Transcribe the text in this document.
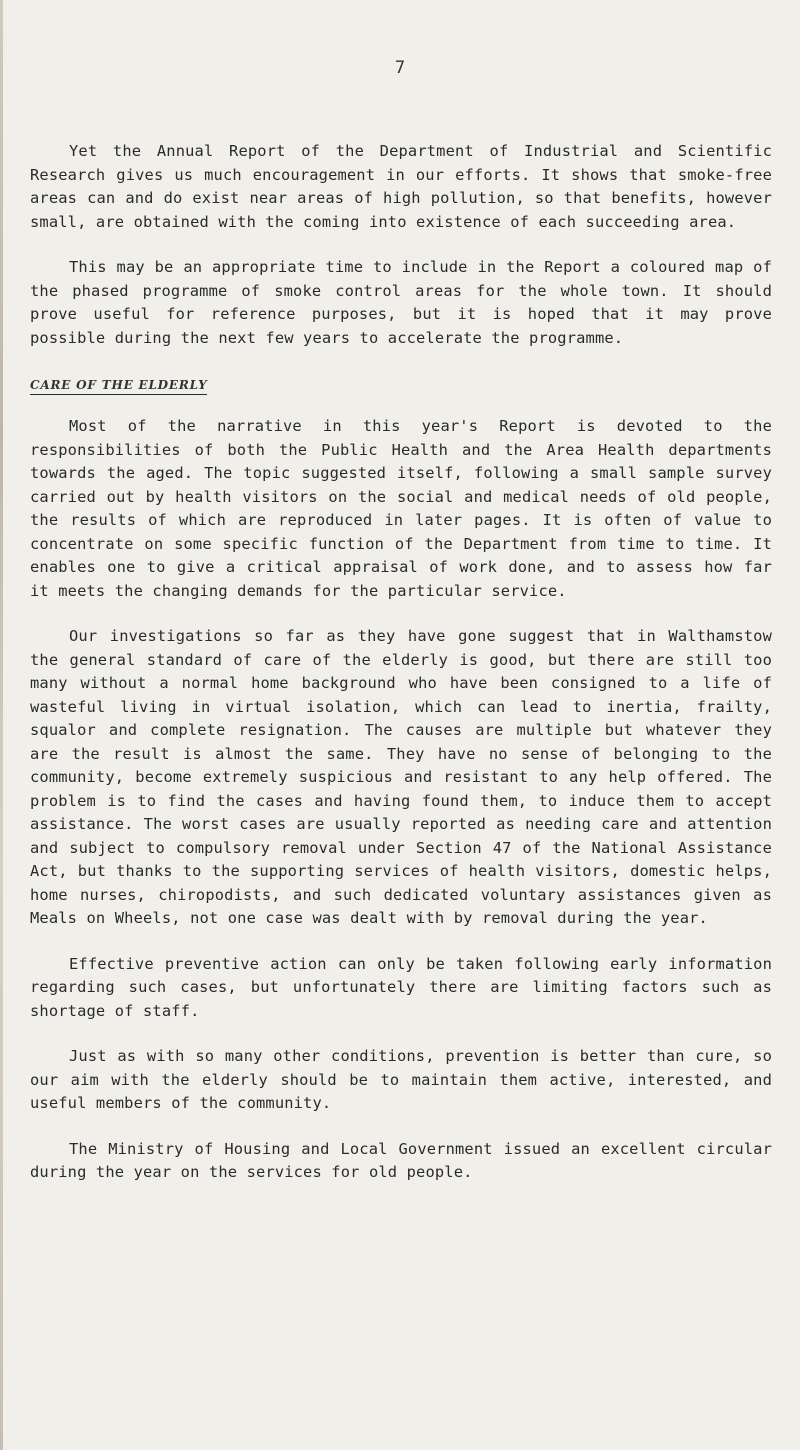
7

Yet the Annual Report of the Department of Industrial and Scientific Research gives us much encouragement in our efforts. It shows that smoke-free areas can and do exist near areas of high pollution, so that benefits, however small, are obtained with the coming into existence of each succeeding area.

This may be an appropriate time to include in the Report a coloured map of the phased programme of smoke control areas for the whole town. It should prove useful for reference purposes, but it is hoped that it may prove possible during the next few years to accelerate the programme.

CARE OF THE ELDERLY

Most of the narrative in this year's Report is devoted to the responsibilities of both the Public Health and the Area Health departments towards the aged. The topic suggested itself, following a small sample survey carried out by health visitors on the social and medical needs of old people, the results of which are reproduced in later pages. It is often of value to concentrate on some specific function of the Department from time to time. It enables one to give a critical appraisal of work done, and to assess how far it meets the changing demands for the particular service.

Our investigations so far as they have gone suggest that in Walthamstow the general standard of care of the elderly is good, but there are still too many without a normal home background who have been consigned to a life of wasteful living in virtual isolation, which can lead to inertia, frailty, squalor and complete resignation. The causes are multiple but whatever they are the result is almost the same. They have no sense of belonging to the community, become extremely suspicious and resistant to any help offered. The problem is to find the cases and having found them, to induce them to accept assistance. The worst cases are usually reported as needing care and attention and subject to compulsory removal under Section 47 of the National Assistance Act, but thanks to the supporting services of health visitors, domestic helps, home nurses, chiropodists, and such dedicated voluntary assistances given as Meals on Wheels, not one case was dealt with by removal during the year.

Effective preventive action can only be taken following early information regarding such cases, but unfortunately there are limiting factors such as shortage of staff.

Just as with so many other conditions, prevention is better than cure, so our aim with the elderly should be to maintain them active, interested, and useful members of the community.

The Ministry of Housing and Local Government issued an excellent circular during the year on the services for old people.
